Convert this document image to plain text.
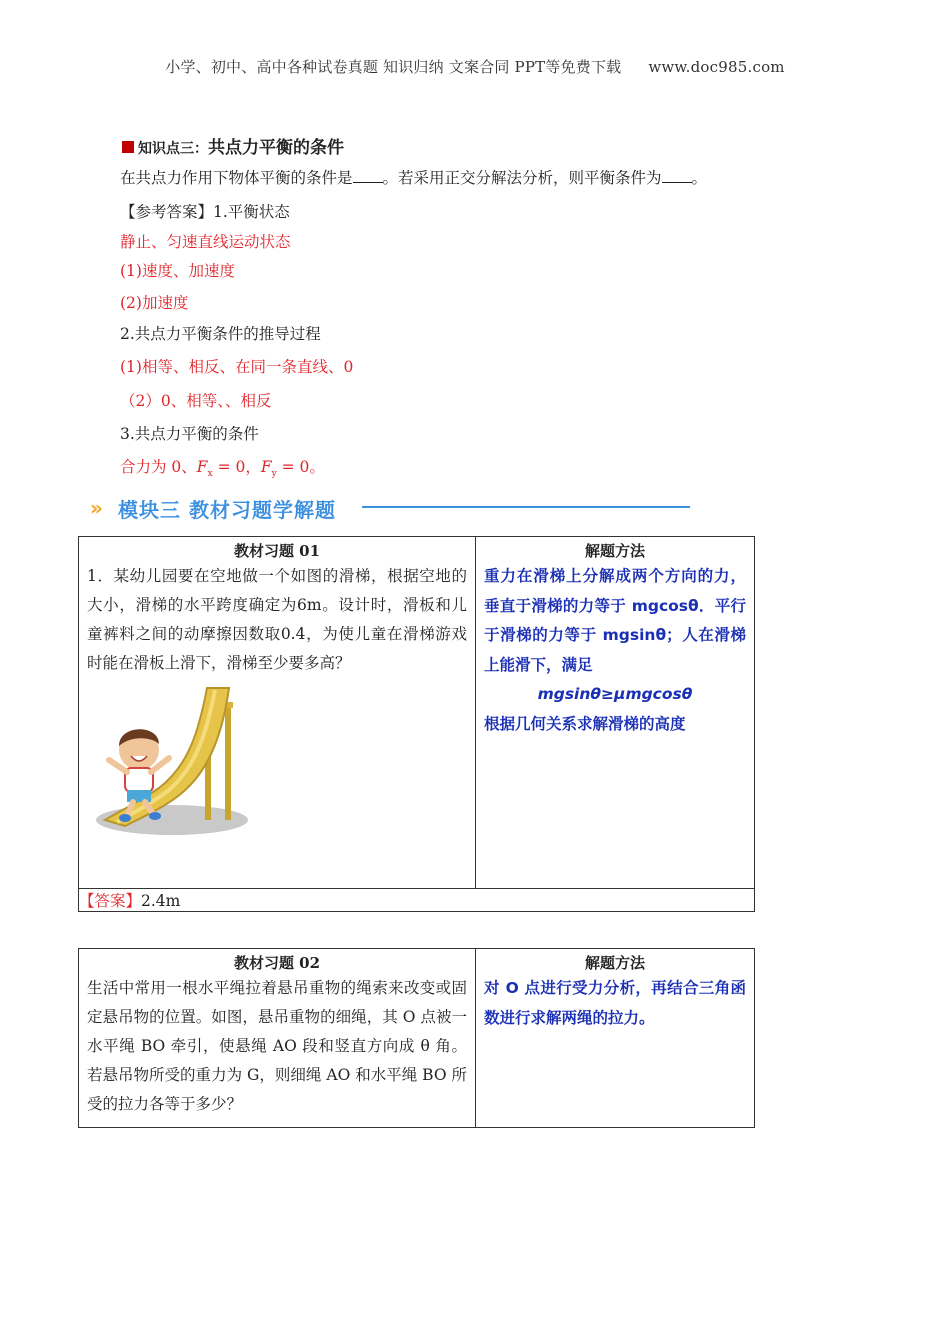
小学、初中、高中各种试卷真题 知识归纳 文案合同 PPT等免费下载 www.doc985.com
知识点三：共点力平衡的条件
在共点力作用下物体平衡的条件是 。若采用正交分解法分析，则平衡条件为 。
【参考答案】1.平衡状态
静止、匀速直线运动状态
(1)速度、加速度
(2)加速度
2.共点力平衡条件的推导过程
(1)相等、相反、在同一条直线、0
（2）0、相等、、相反
3.共点力平衡的条件
合力为 0、$F_x = 0$，$F_y = 0$。
» 模块三 教材习题学解题
教材习题 01
1．某幼儿园要在空地做一个如图的滑梯，根据空地的大小，滑梯的水平跨度确定为6m。设计时，滑板和儿童裤料之间的动摩擦因数取0.4，为使儿童在滑梯游戏时能在滑板上滑下，滑梯至少要多高？

解题方法
重力在滑梯上分解成两个方向的力，垂直于滑梯的力等于 mgcosθ．平行于滑梯的力等于 mgsinθ；人在滑梯上能滑下，满足
mgsinθ≥μmgcosθ
根据几何关系求解滑梯的高度

【答案】2.4m
教材习题 02
生活中常用一根水平绳拉着悬吊重物的绳索来改变或固定悬吊物的位置。如图，悬吊重物的细绳，其 O 点被一水平绳 BO 牵引，使悬绳 AO 段和竖直方向成 θ 角。若悬吊物所受的重力为 G，则细绳 AO 和水平绳 BO 所受的拉力各等于多少？

解题方法
对 O 点进行受力分析，再结合三角函数进行求解两绳的拉力。
